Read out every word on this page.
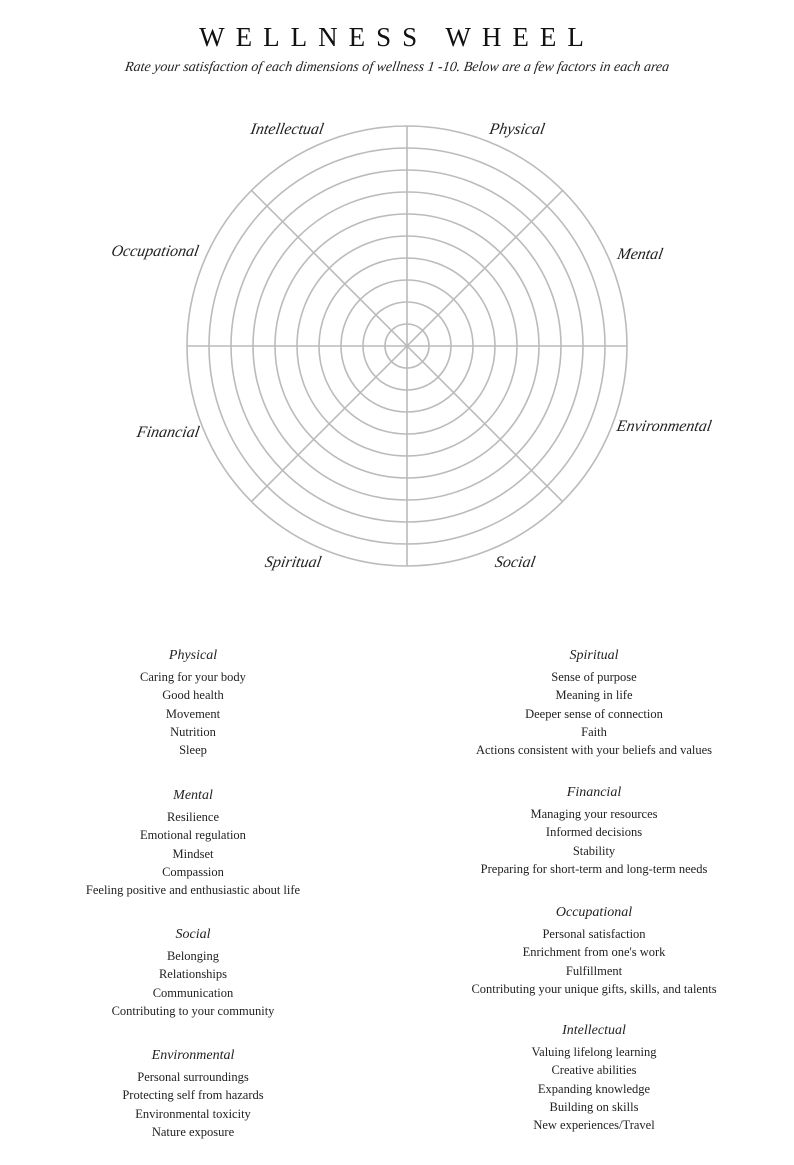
WELLNESS WHEEL
Rate your satisfaction of each dimensions of wellness 1 -10. Below are a few factors in each area
Intellectual	Physical
Occupational	Mental
Financial	Environmental
Spiritual	Social
Physical
Caring for your body
Good health
Movement
Nutrition
Sleep
Mental
Resilience
Emotional regulation
Mindset
Compassion
Feeling positive and enthusiastic about life
Social
Belonging
Relationships
Communication
Contributing to your community
Environmental
Personal surroundings
Protecting self from hazards
Environmental toxicity
Nature exposure
Spiritual
Sense of purpose
Meaning in life
Deeper sense of connection
Faith
Actions consistent with your beliefs and values
Financial
Managing your resources
Informed decisions
Stability
Preparing for short-term and long-term needs
Occupational
Personal satisfaction
Enrichment from one's work
Fulfillment
Contributing your unique gifts, skills, and talents
Intellectual
Valuing lifelong learning
Creative abilities
Expanding knowledge
Building on skills
New experiences/Travel
